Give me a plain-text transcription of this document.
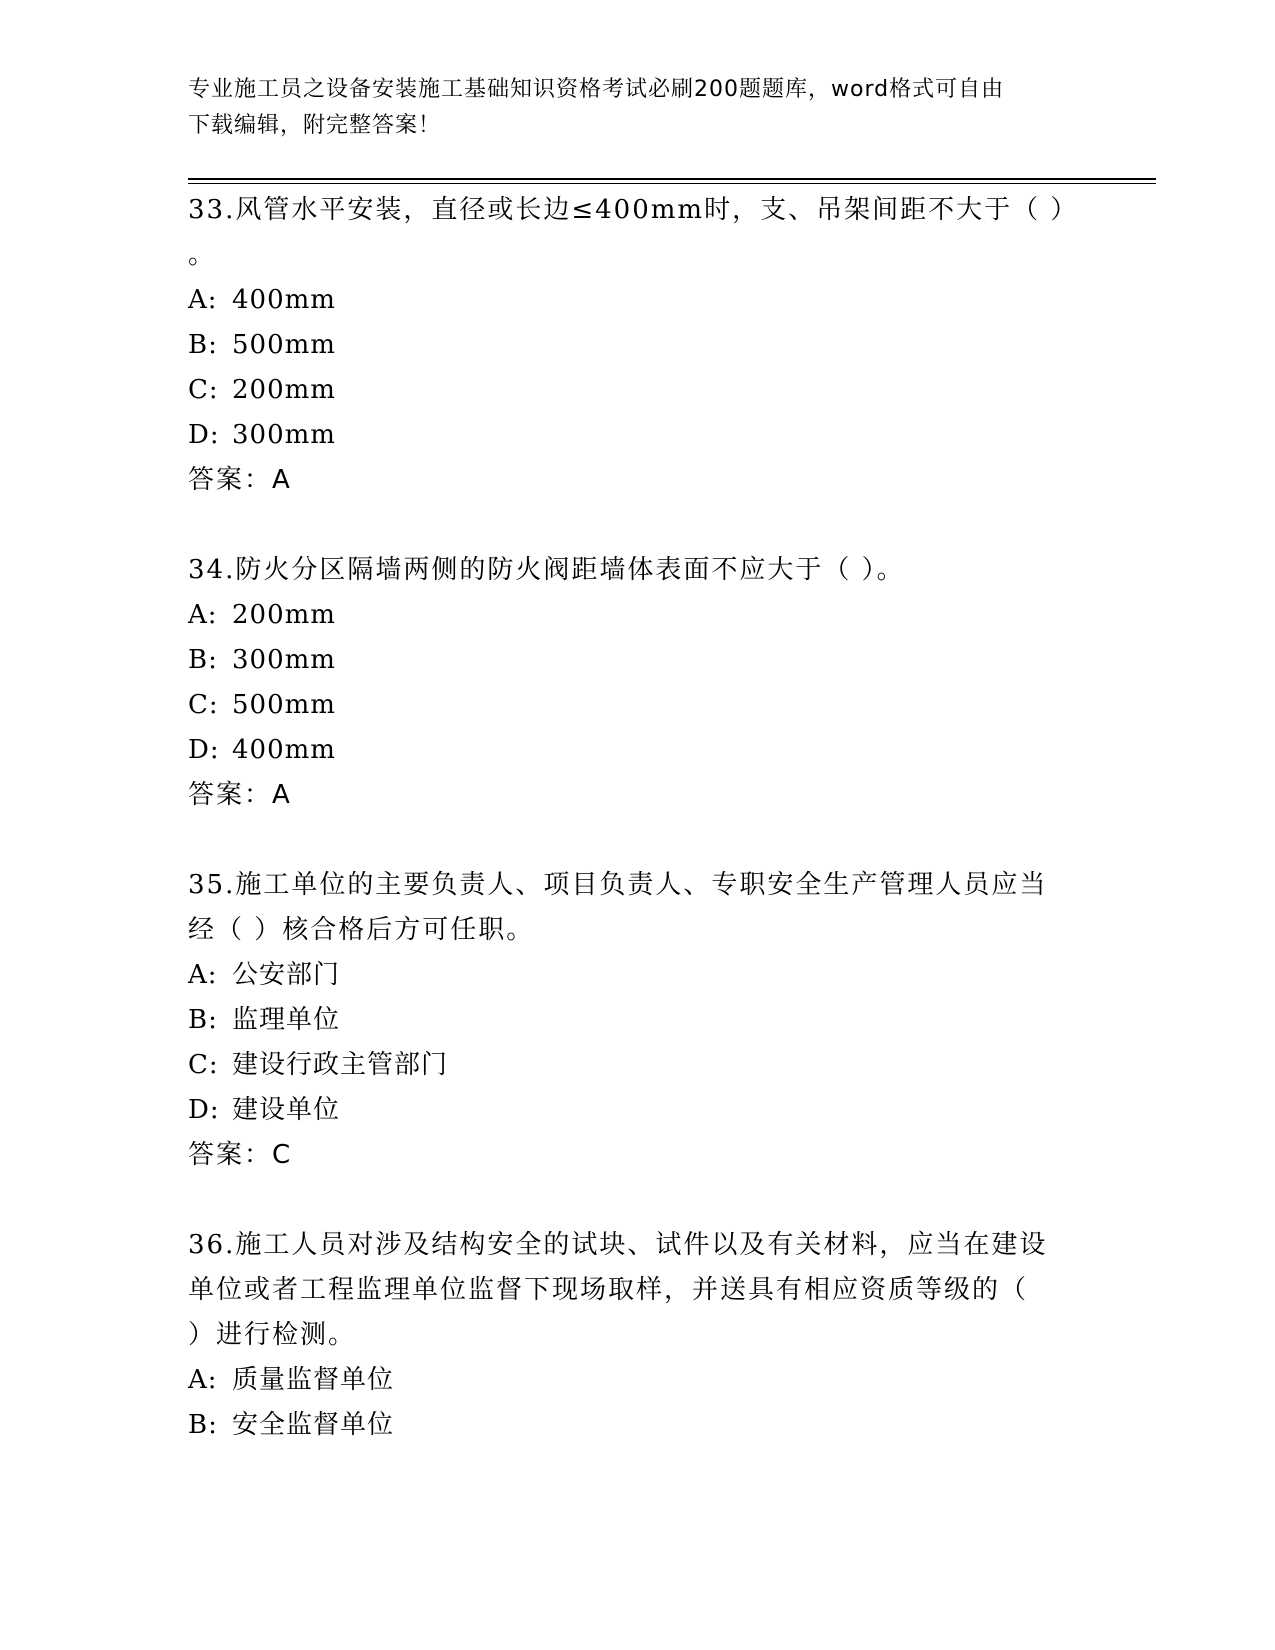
专业施工员之设备安装施工基础知识资格考试必刷200题题库，word格式可自由
下载编辑，附完整答案！
33.风管水平安装，直径或长边≤400mm时，支、吊架间距不大于（ ）
。
A: 400mm
B: 500mm
C: 200mm
D: 300mm
答案：A
34.防火分区隔墙两侧的防火阀距墙体表面不应大于（ ）。
A: 200mm
B: 300mm
C: 500mm
D: 400mm
答案：A
35.施工单位的主要负责人、项目负责人、专职安全生产管理人员应当
经（ ）核合格后方可任职。
A: 公安部门
B: 监理单位
C: 建设行政主管部门
D: 建设单位
答案：C
36.施工人员对涉及结构安全的试块、试件以及有关材料，应当在建设
单位或者工程监理单位监督下现场取样，并送具有相应资质等级的（
）进行检测。
A: 质量监督单位
B: 安全监督单位
